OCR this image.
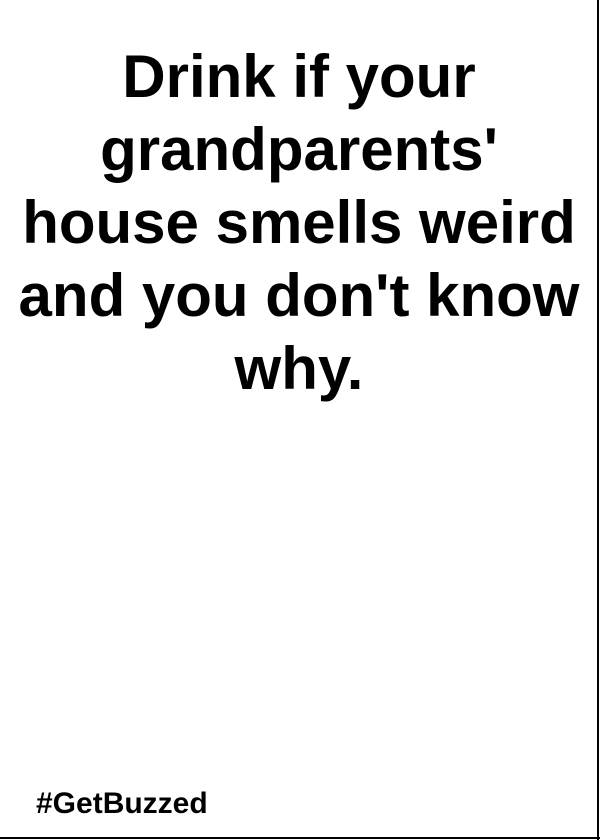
Drink if your grandparents' house smells weird and you don't know why.

#GetBuzzed
